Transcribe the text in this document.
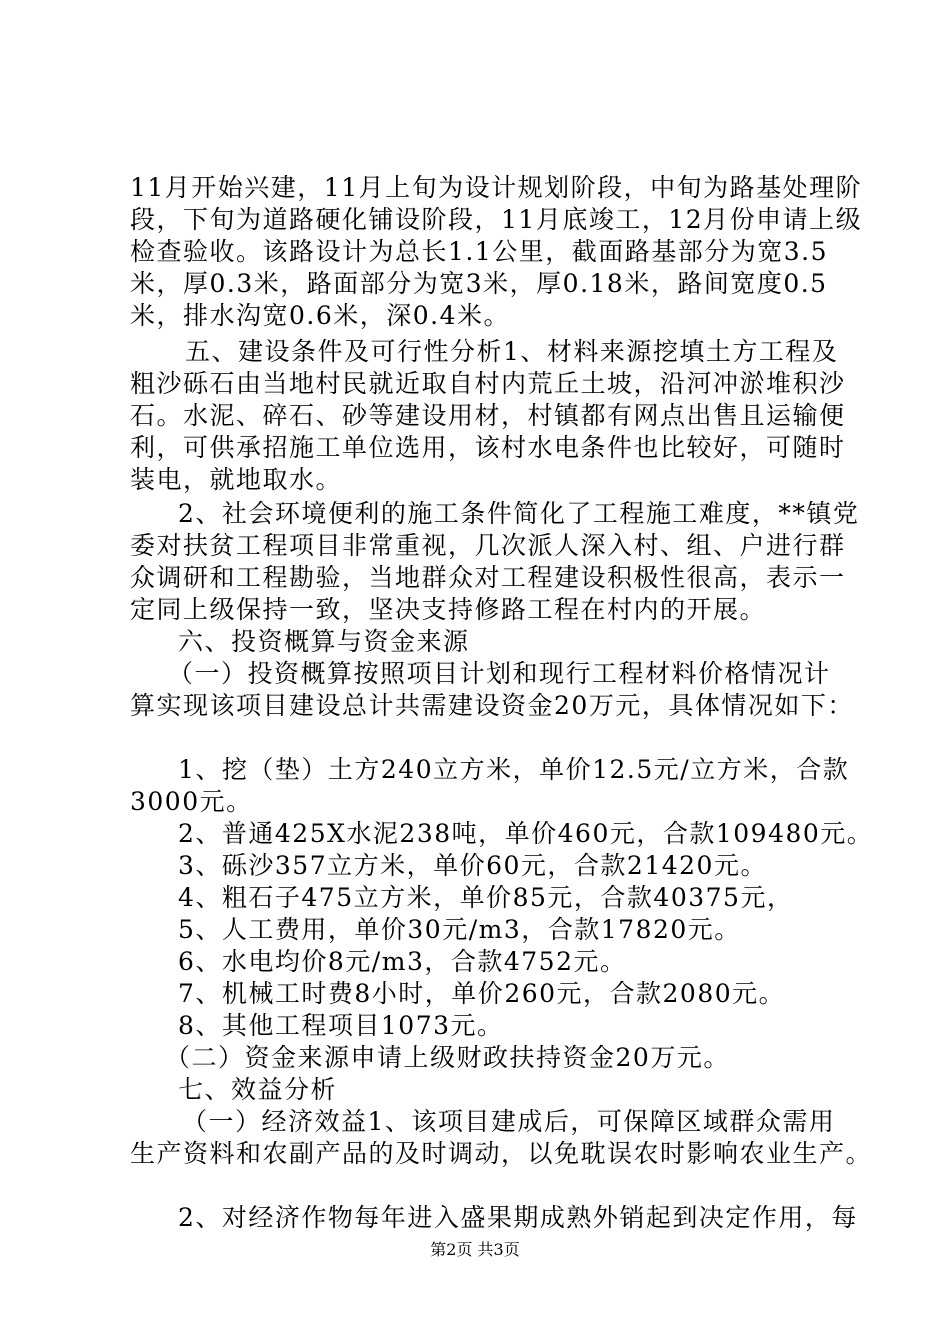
11月开始兴建，11月上旬为设计规划阶段，中旬为路基处理阶
段，下旬为道路硬化铺设阶段，11月底竣工，12月份申请上级
检查验收。该路设计为总长1.1公里，截面路基部分为宽3.5
米，厚0.3米，路面部分为宽3米，厚0.18米，路间宽度0.5
米，排水沟宽0.6米，深0.4米。
五、建设条件及可行性分析1、材料来源挖填土方工程及
粗沙砾石由当地村民就近取自村内荒丘土坡，沿河冲淤堆积沙
石。水泥、碎石、砂等建设用材，村镇都有网点出售且运输便
利，可供承招施工单位选用，该村水电条件也比较好，可随时
装电，就地取水。
2、社会环境便利的施工条件简化了工程施工难度，**镇党
委对扶贫工程项目非常重视，几次派人深入村、组、户进行群
众调研和工程勘验，当地群众对工程建设积极性很高，表示一
定同上级保持一致，坚决支持修路工程在村内的开展。
六、投资概算与资金来源
（一）投资概算按照项目计划和现行工程材料价格情况计
算实现该项目建设总计共需建设资金20万元，具体情况如下：
1、挖（垫）土方240立方米，单价12.5元/立方米，合款
3000元。
2、普通425X水泥238吨，单价460元，合款109480元。
3、砾沙357立方米，单价60元，合款21420元。
4、粗石子475立方米，单价85元，合款40375元，
5、人工费用，单价30元/m3，合款17820元。
6、水电均价8元/m3，合款4752元。
7、机械工时费8小时，单价260元，合款2080元。
8、其他工程项目1073元。
（二）资金来源申请上级财政扶持资金20万元。
七、效益分析
（一）经济效益1、该项目建成后，可保障区域群众需用
生产资料和农副产品的及时调动，以免耽误农时影响农业生产。
2、对经济作物每年进入盛果期成熟外销起到决定作用，每
第2页 共3页
